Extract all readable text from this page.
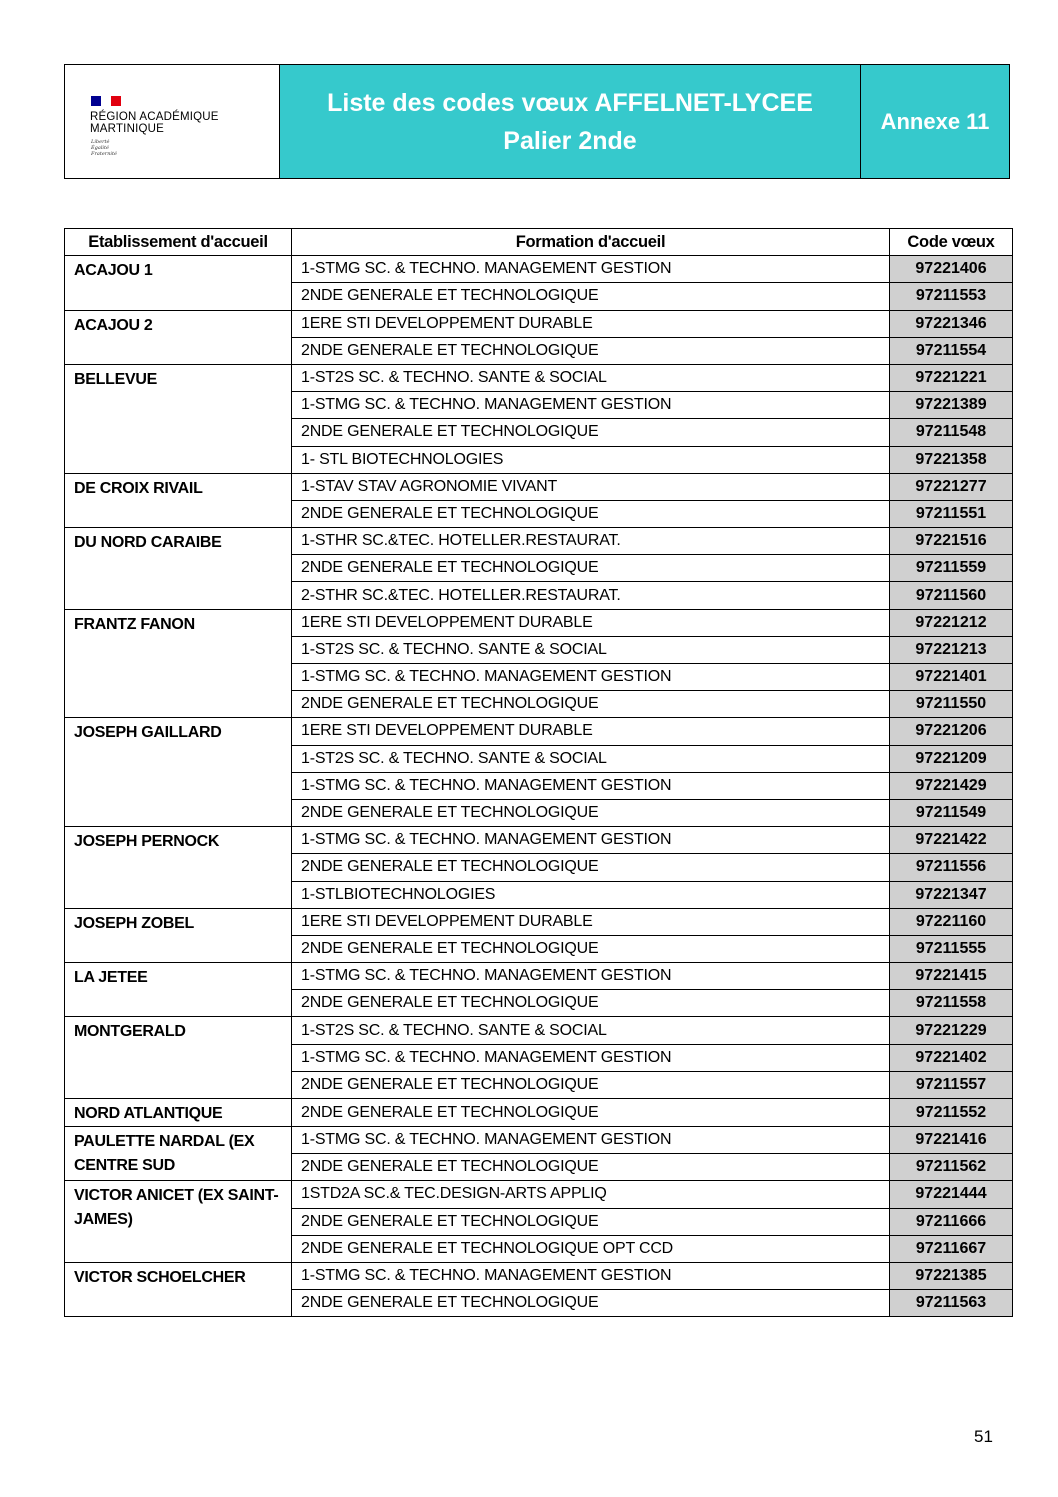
RÉGION ACADÉMIQUE
MARTINIQUE
Liberté
Égalité
Fraternité
Liste des codes vœux AFFELNET-LYCEE
Palier 2nde
Annexe 11
Etablissement d'accueil	Formation d'accueil	Code vœux
ACAJOU 1	1-STMG SC. & TECHNO. MANAGEMENT GESTION	97221406
	2NDE GENERALE ET TECHNOLOGIQUE	97211553
ACAJOU 2	1ERE STI DEVELOPPEMENT DURABLE	97221346
	2NDE GENERALE ET TECHNOLOGIQUE	97211554
BELLEVUE	1-ST2S SC. & TECHNO. SANTE & SOCIAL	97221221
	1-STMG SC. & TECHNO. MANAGEMENT GESTION	97221389
	2NDE GENERALE ET TECHNOLOGIQUE	97211548
	1- STL BIOTECHNOLOGIES	97221358
DE CROIX RIVAIL	1-STAV STAV AGRONOMIE VIVANT	97221277
	2NDE GENERALE ET TECHNOLOGIQUE	97211551
DU NORD CARAIBE	1-STHR SC.&TEC. HOTELLER.RESTAURAT.	97221516
	2NDE GENERALE ET TECHNOLOGIQUE	97211559
	2-STHR SC.&TEC. HOTELLER.RESTAURAT.	97211560
FRANTZ FANON	1ERE STI DEVELOPPEMENT DURABLE	97221212
	1-ST2S SC. & TECHNO. SANTE & SOCIAL	97221213
	1-STMG SC. & TECHNO. MANAGEMENT GESTION	97221401
	2NDE GENERALE ET TECHNOLOGIQUE	97211550
JOSEPH GAILLARD	1ERE STI DEVELOPPEMENT DURABLE	97221206
	1-ST2S SC. & TECHNO. SANTE & SOCIAL	97221209
	1-STMG SC. & TECHNO. MANAGEMENT GESTION	97221429
	2NDE GENERALE ET TECHNOLOGIQUE	97211549
JOSEPH PERNOCK	1-STMG SC. & TECHNO. MANAGEMENT GESTION	97221422
	2NDE GENERALE ET TECHNOLOGIQUE	97211556
	1-STLBIOTECHNOLOGIES	97221347
JOSEPH ZOBEL	1ERE STI DEVELOPPEMENT DURABLE	97221160
	2NDE GENERALE ET TECHNOLOGIQUE	97211555
LA JETEE	1-STMG SC. & TECHNO. MANAGEMENT GESTION	97221415
	2NDE GENERALE ET TECHNOLOGIQUE	97211558
MONTGERALD	1-ST2S SC. & TECHNO. SANTE & SOCIAL	97221229
	1-STMG SC. & TECHNO. MANAGEMENT GESTION	97221402
	2NDE GENERALE ET TECHNOLOGIQUE	97211557
NORD ATLANTIQUE	2NDE GENERALE ET TECHNOLOGIQUE	97211552
PAULETTE NARDAL (EX CENTRE SUD	1-STMG SC. & TECHNO. MANAGEMENT GESTION	97221416
	2NDE GENERALE ET TECHNOLOGIQUE	97211562
VICTOR ANICET (EX SAINT-JAMES)	1STD2A SC.& TEC.DESIGN-ARTS APPLIQ	97221444
	2NDE GENERALE ET TECHNOLOGIQUE	97211666
	2NDE GENERALE ET TECHNOLOGIQUE OPT CCD	97211667
VICTOR SCHOELCHER	1-STMG SC. & TECHNO. MANAGEMENT GESTION	97221385
	2NDE GENERALE ET TECHNOLOGIQUE	97211563
51
